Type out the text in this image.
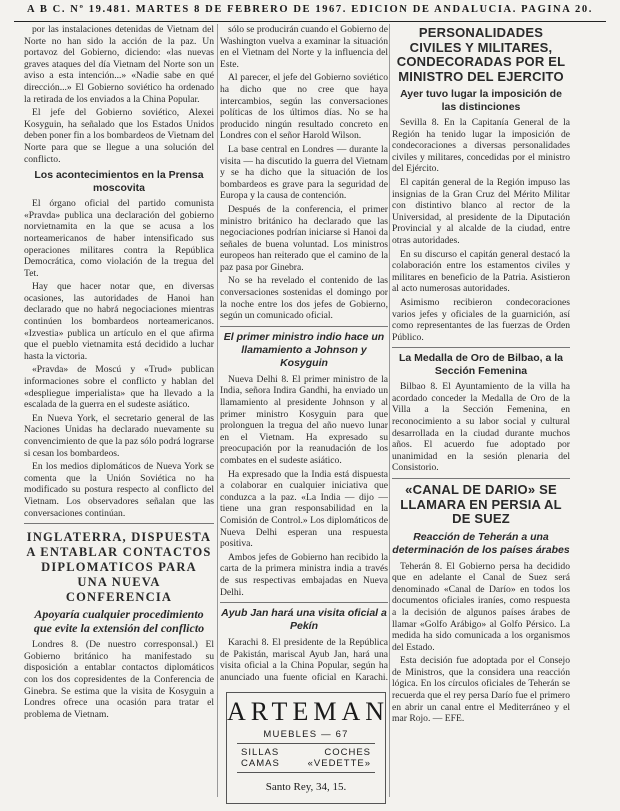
A B C. Nº 19.481. MARTES 8 DE FEBRERO DE 1967. EDICION DE ANDALUCIA. PAGINA 20.

por las instalaciones detenidas de Vietnam del Norte no han sido la acción de la paz. Un portavoz del Gobierno, diciendo: «las nuevas graves ataques del día Vietnam del Norte son un aviso a esta intención...» «Nadie sabe en qué dirección...» El Gobierno soviético ha ordenado la retirada de los enviados a la China Popular.

El jefe del Gobierno soviético, Alexei Kosyguin, ha señalado que los Estados Unidos deben poner fin a los bombardeos de Vietnam del Norte para que se llegue a una solución del conflicto.

Los acontecimientos en la Prensa moscovita

El órgano oficial del partido comunista «Pravda» publica una declaración del gobierno norvietnamita en la que se acusa a los norteamericanos de haber intensificado sus operaciones militares contra la República Democrática, como violación de la tregua del Tet.

Hay que hacer notar que, en diversas ocasiones, las autoridades de Hanoi han declarado que no habrá negociaciones mientras continúen los bombardeos norteamericanos. «Izvestia» publica un artículo en el que afirma que el pueblo vietnamita está decidido a luchar hasta la victoria.

«Pravda» de Moscú y «Trud» publican informaciones sobre el conflicto y hablan del «despliegue imperialista» que ha llevado a la escalada de la guerra en el sudeste asiático.

En Nueva York, el secretario general de las Naciones Unidas ha declarado nuevamente su convencimiento de que la paz sólo podrá lograrse si cesan los bombardeos.

En los medios diplomáticos de Nueva York se comenta que la Unión Soviética no ha modificado su postura respecto al conflicto del Vietnam. Los observadores señalan que las conversaciones continúan.

INGLATERRA, DISPUESTA A ENTABLAR CONTACTOS DIPLOMATICOS PARA UNA NUEVA CONFERENCIA
Apoyaría cualquier procedimiento que evite la extensión del conflicto

Londres 8. (De nuestro corresponsal.) El Gobierno británico ha manifestado su disposición a entablar contactos diplomáticos con los dos copresidentes de la Conferencia de Ginebra. Se estima que la visita de Kosyguin a Londres ofrece una ocasión para tratar el problema de Vietnam.

sólo se producirán cuando el Gobierno de Washington vuelva a examinar la situación en el Vietnam del Norte y la influencia del Este.

Al parecer, el jefe del Gobierno soviético ha dicho que no cree que haya intercambios, según las conversaciones políticas de los últimos días. No se ha producido ningún resultado concreto en Londres con el señor Harold Wilson.

La base central en Londres — durante la visita — ha discutido la guerra del Vietnam y se ha dicho que la situación de los bombardeos es grave para la seguridad de Europa y la causa de contención.

Después de la conferencia, el primer ministro británico ha declarado que las negociaciones podrían iniciarse si Hanoi da señales de buena voluntad. Los ministros europeos han reiterado que el camino de la paz pasa por Ginebra.

No se ha revelado el contenido de las conversaciones sostenidas el domingo por la noche entre los dos jefes de Gobierno, según un comunicado oficial.

El primer ministro indio hace un llamamiento a Johnson y Kosyguin

Nueva Delhi 8. El primer ministro de la India, señora Indira Gandhi, ha enviado un llamamiento al presidente Johnson y al primer ministro Kosyguin para que prolonguen la tregua del año nuevo lunar en el Vietnam. Ha expresado su preocupación por la reanudación de los combates en el sudeste asiático.

Ha expresado que la India está dispuesta a colaborar en cualquier iniciativa que conduzca a la paz. «La India — dijo — tiene una gran responsabilidad en la Comisión de Control.» Los diplomáticos de Nueva Delhi esperan una respuesta positiva.

Ambos jefes de Gobierno han recibido la carta de la primera ministra india a través de sus respectivas embajadas en Nueva Delhi.

Ayub Jan hará una visita oficial a Pekín

Karachi 8. El presidente de la República de Pakistán, mariscal Ayub Jan, hará una visita oficial a la China Popular, según ha anunciado una fuente oficial en Karachi.

ARTEMAN
MUEBLES — 67
SILLAS	COCHES
CAMAS	«VEDETTE»
Santo Rey, 34, 15.
PERSONALIDADES CIVILES Y MILITARES, CONDECORADAS POR EL MINISTRO DEL EJERCITO
Ayer tuvo lugar la imposición de las distinciones

Sevilla 8. En la Capitanía General de la Región ha tenido lugar la imposición de condecoraciones a diversas personalidades civiles y militares, concedidas por el ministro del Ejército.

El capitán general de la Región impuso las insignias de la Gran Cruz del Mérito Militar con distintivo blanco al rector de la Universidad, al presidente de la Diputación Provincial y al alcalde de la ciudad, entre otras autoridades.

En su discurso el capitán general destacó la colaboración entre los estamentos civiles y militares en beneficio de la Patria. Asistieron al acto numerosas autoridades.

Asimismo recibieron condecoraciones varios jefes y oficiales de la guarnición, así como representantes de las fuerzas de Orden Público.

La Medalla de Oro de Bilbao, a la Sección Femenina

Bilbao 8. El Ayuntamiento de la villa ha acordado conceder la Medalla de Oro de la Villa a la Sección Femenina, en reconocimiento a su labor social y cultural desarrollada en la ciudad durante muchos años. El acuerdo fue adoptado por unanimidad en la sesión plenaria del Consistorio.

«CANAL DE DARIO» SE LLAMARA EN PERSIA AL DE SUEZ
Reacción de Teherán a una determinación de los países árabes

Teherán 8. El Gobierno persa ha decidido que en adelante el Canal de Suez será denominado «Canal de Darío» en todos los documentos oficiales iraníes, como respuesta a la decisión de algunos países árabes de llamar «Golfo Arábigo» al Golfo Pérsico. La medida ha sido comunicada a los organismos del Estado.

Esta decisión fue adoptada por el Consejo de Ministros, que la considera una reacción lógica. En los círculos oficiales de Teherán se recuerda que el rey persa Darío fue el primero en abrir un canal entre el Mediterráneo y el mar Rojo. — EFE.
